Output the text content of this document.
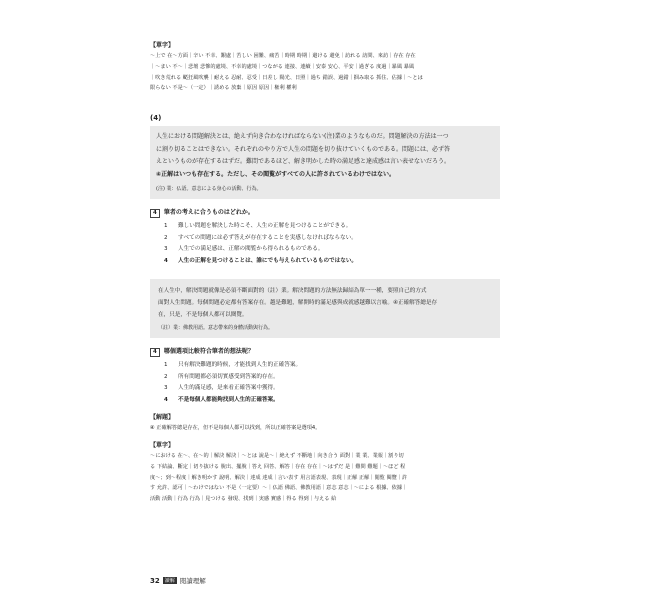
【單字】
～上で 在～方面｜辛い 不幸、艱處｜苦しい 困難、痛苦｜時期 時期｜避ける 避免｜訪れる 訪問、來訪｜存在 存在
｜～まい 不～｜悲壇 悲慘的處境、不幸的處境｜つながる 連接、連續｜安泰 安心、平安｜過ぎる 度過｜暴風 暴風
｜吹き荒れる 颳狂風吹襲｜耐える 忍耐、忍受｜日差し 陽光、日照｜過ち 錯誤、過錯｜掴み取る 抓住、佔據｜～とは
限らない 不是～（一定）｜誘める 放棄｜原因 原因｜権利 權利
(4)
人生における問題解決とは、絶えず向き合わなければならない(注)業のようなものだ。問題解決の方法は一つ
に割り切ることはできない。それぞれのやり方で人生の問題を切り抜けていくものである。問題には、必ず答
えというものが存在するはずだ。難問であるほど、解き明かした時の満足感と達成感は言い表せないだろう。
④正解はいつも存在する。ただし、その閲覧がすべての人に許されているわけではない。
(注) 業：仏語。意志による身心の活動、行為。
4 筆者の考えに合うものはどれか。
1 難しい問題を解決した時こそ、人生の正解を見つけることができる。
2 すべての問題には必ず答えが存在することを実感しなければならない。
3 人生での満足感は、正解の閲覧から得られるものである。
4 人生の正解を見つけることは、誰にでも与えられているものではない。
在人生中，解決問題就像是必須不斷面對的（註）業。解決問題的方法無法歸結為單一一種，要照自己的方式
面對人生問題。每個問題必定都有答案存在。越是難題，解開時的滿足感與成就感越難以言喻。④正確解答總是存
在，只是，不是每個人都可以閱覽。
（註）業：佛教用語。意志帶來的身體活動與行為。
4 哪個選項比較符合筆者的想法呢？
1 只有解決難題的時候，才能找到人生的正確答案。
2 所有問題都必須切實感受到答案的存在。
3 人生的滿足感，是來看正確答案中獲得。
4 不是每個人都能夠找到人生的正確答案。
【解題】
④ 正確解答總是存在，但不是每個人都可以找到，所以正確答案是選項4。
【單字】
～における 在～、在～的｜解決 解決｜～とは 說是～｜絶えず 不斷地｜向き合う 面對｜業 業、業報｜割り切
る 下結論、斷定｜切り抜ける 脫出、擺脫｜答え 回答、解答｜存在 存在｜～はずだ 是｜難問 難題｜～ほど 程
度～；到～程度｜解き明かす 說明、解決｜達成 達成｜言い表す 用言語表現、表現｜正解 正解｜閲覧 閱覽｜許
す 允許、認可｜～わけではない 不是（一定要）～｜仏語 佛語、佛教用語｜意志 意志｜～による 根據、依據｜
活動 活動｜行為 行為｜見つける 發現、找到｜実感 實感｜得る 得到｜与える 給
32	讀解 閱讀理解
